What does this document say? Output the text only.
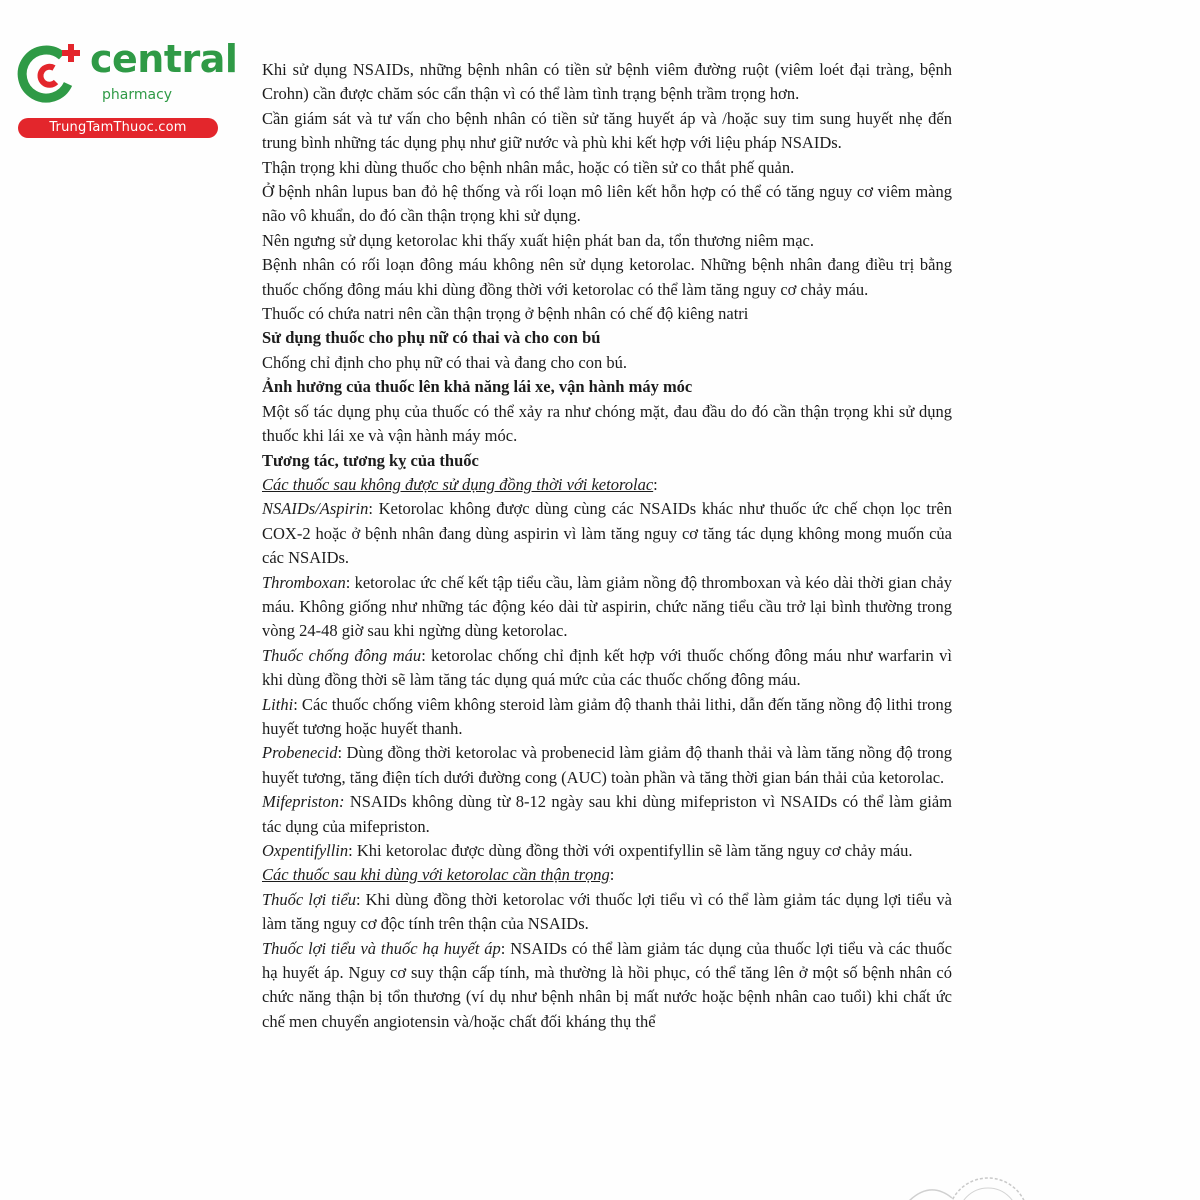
central
pharmacy
TrungTamThuoc.com

Khi sử dụng NSAIDs, những bệnh nhân có tiền sử bệnh viêm đường ruột (viêm loét đại tràng, bệnh Crohn) cần được chăm sóc cẩn thận vì có thể làm tình trạng bệnh trầm trọng hơn.

Cần giám sát và tư vấn cho bệnh nhân có tiền sử tăng huyết áp và /hoặc suy tim sung huyết nhẹ đến trung bình những tác dụng phụ như giữ nước và phù khi kết hợp với liệu pháp NSAIDs.

Thận trọng khi dùng thuốc cho bệnh nhân mắc, hoặc có tiền sử co thắt phế quản.

Ở bệnh nhân lupus ban đỏ hệ thống và rối loạn mô liên kết hỗn hợp có thể có tăng nguy cơ viêm màng não vô khuẩn, do đó cần thận trọng khi sử dụng.

Nên ngưng sử dụng ketorolac khi thấy xuất hiện phát ban da, tổn thương niêm mạc.

Bệnh nhân có rối loạn đông máu không nên sử dụng ketorolac. Những bệnh nhân đang điều trị bằng thuốc chống đông máu khi dùng đồng thời với ketorolac có thể làm tăng nguy cơ chảy máu.

Thuốc có chứa natri nên cần thận trọng ở bệnh nhân có chế độ kiêng natri

Sử dụng thuốc cho phụ nữ có thai và cho con bú

Chống chỉ định cho phụ nữ có thai và đang cho con bú.

Ảnh hưởng của thuốc lên khả năng lái xe, vận hành máy móc

Một số tác dụng phụ của thuốc có thể xảy ra như chóng mặt, đau đầu do đó cần thận trọng khi sử dụng thuốc khi lái xe và vận hành máy móc.

Tương tác, tương kỵ của thuốc

Các thuốc sau không được sử dụng đồng thời với ketorolac:

NSAIDs/Aspirin: Ketorolac không được dùng cùng các NSAIDs khác như thuốc ức chế chọn lọc trên COX-2 hoặc ở bệnh nhân đang dùng aspirin vì làm tăng nguy cơ tăng tác dụng không mong muốn của các NSAIDs.

Thromboxan: ketorolac ức chế kết tập tiểu cầu, làm giảm nồng độ thromboxan và kéo dài thời gian chảy máu. Không giống như những tác động kéo dài từ aspirin, chức năng tiểu cầu trở lại bình thường trong vòng 24-48 giờ sau khi ngừng dùng ketorolac.

Thuốc chống đông máu: ketorolac chống chỉ định kết hợp với thuốc chống đông máu như warfarin vì khi dùng đồng thời sẽ làm tăng tác dụng quá mức của các thuốc chống đông máu.

Lithi: Các thuốc chống viêm không steroid làm giảm độ thanh thải lithi, dẫn đến tăng nồng độ lithi trong huyết tương hoặc huyết thanh.

Probenecid: Dùng đồng thời ketorolac và probenecid làm giảm độ thanh thải và làm tăng nồng độ trong huyết tương, tăng điện tích dưới đường cong (AUC) toàn phần và tăng thời gian bán thải của ketorolac.

Mifepriston: NSAIDs không dùng từ 8-12 ngày sau khi dùng mifepriston vì NSAIDs có thể làm giảm tác dụng của mifepriston.

Oxpentifyllin: Khi ketorolac được dùng đồng thời với oxpentifyllin sẽ làm tăng nguy cơ chảy máu.

Các thuốc sau khi dùng với ketorolac cần thận trọng:

Thuốc lợi tiểu: Khi dùng đồng thời ketorolac với thuốc lợi tiểu vì có thể làm giảm tác dụng lợi tiểu và làm tăng nguy cơ độc tính trên thận của NSAIDs.

Thuốc lợi tiểu và thuốc hạ huyết áp: NSAIDs có thể làm giảm tác dụng của thuốc lợi tiểu và các thuốc hạ huyết áp. Nguy cơ suy thận cấp tính, mà thường là hồi phục, có thể tăng lên ở một số bệnh nhân có chức năng thận bị tổn thương (ví dụ như bệnh nhân bị mất nước hoặc bệnh nhân cao tuổi) khi chất ức chế men chuyển angiotensin và/hoặc chất đối kháng thụ thể
